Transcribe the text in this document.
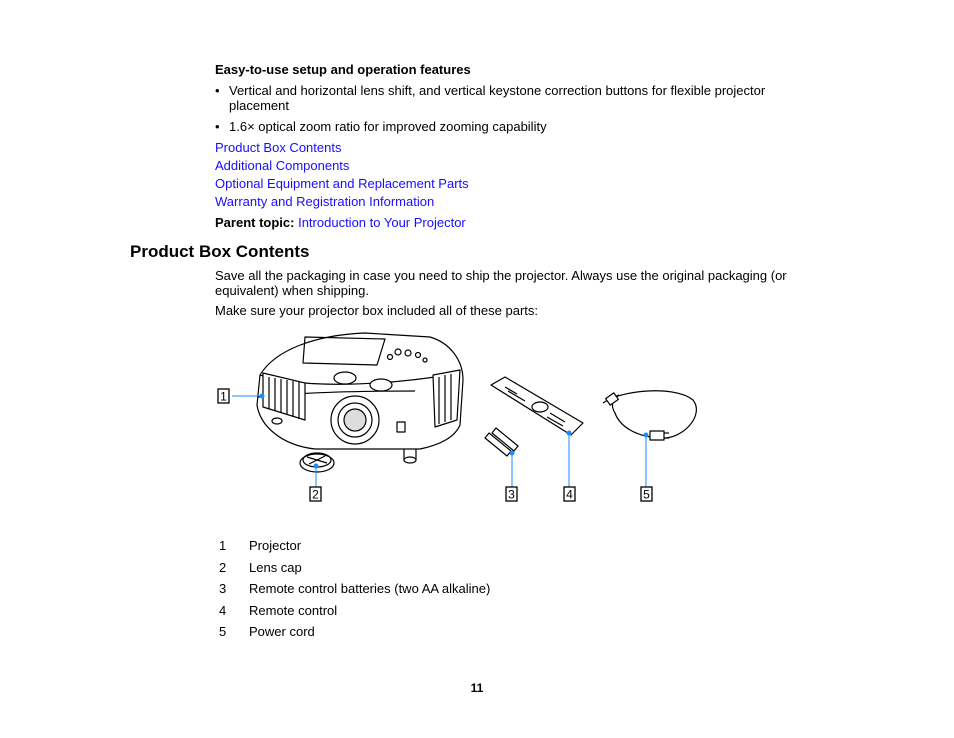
Easy-to-use setup and operation features
• Vertical and horizontal lens shift, and vertical keystone correction buttons for flexible projector placement
• 1.6× optical zoom ratio for improved zooming capability
Product Box Contents
Additional Components
Optional Equipment and Replacement Parts
Warranty and Registration Information
Parent topic: Introduction to Your Projector
Product Box Contents
Save all the packaging in case you need to ship the projector. Always use the original packaging (or equivalent) when shipping.
Make sure your projector box included all of these parts:
1
2	3	4	5
1 Projector
2 Lens cap
3 Remote control batteries (two AA alkaline)
4 Remote control
5 Power cord
11
